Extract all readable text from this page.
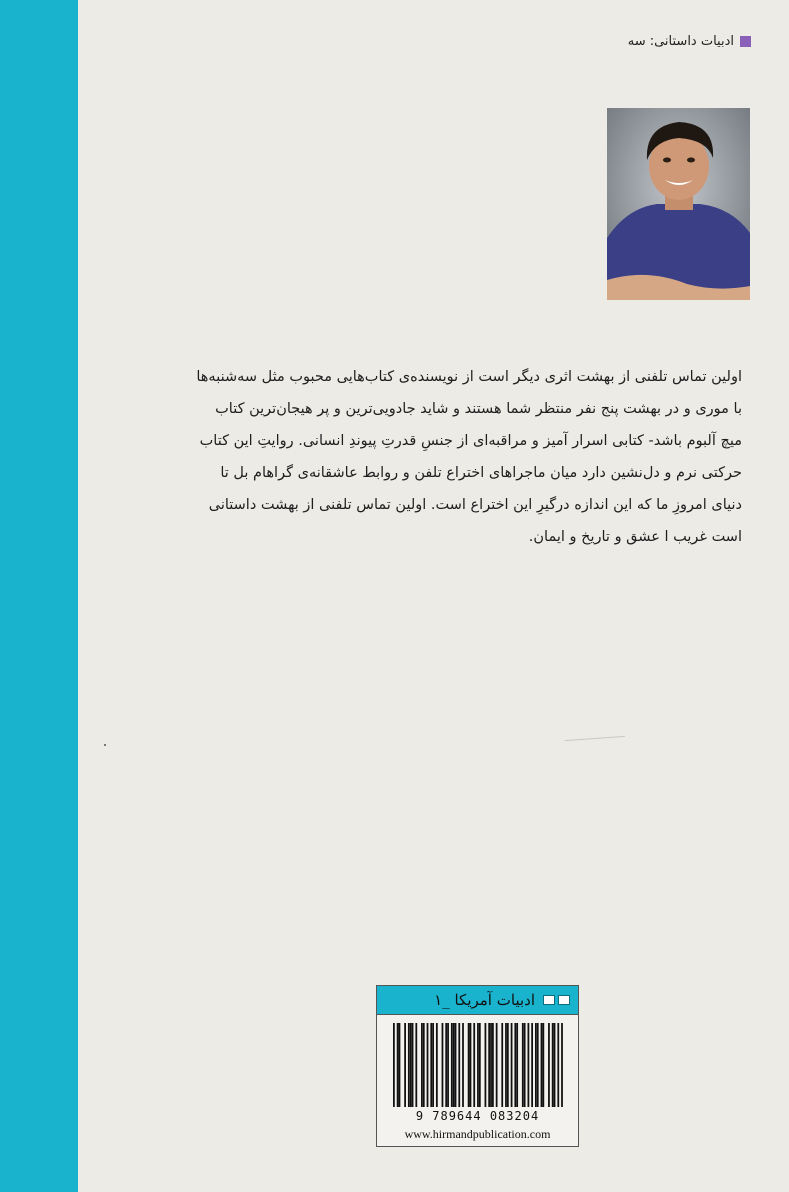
ادبیات داستانی: سه

اولین تماس تلفنی از بهشت اثری دیگر است از نویسنده‌ی کتاب‌هایی محبوب مثل سه‌شنبه‌ها

با موری و در بهشت پنج نفر منتظر شما هستند و شاید جادویی‌ترین و پر هیجان‌ترین کتاب

میچ آلبوم باشد- کتابی اسرار آمیز و مراقبه‌ای از جنسِ قدرتِ پیوندِ انسانی. روایتِ این کتاب

حرکتی نرم و دل‌نشین دارد میان ماجراهای اختراع تلفن و روابط عاشقانه‌ی گراهام بل تا

دنیای امروزِ ما که این اندازه درگیرِ این اختراع است. اولین تماس تلفنی از بهشت داستانی

است غریب ا عشق و تاریخ و ایمان.

ادبیات آمریکا _۱
9 789644 083204
www.hirmandpublication.com
